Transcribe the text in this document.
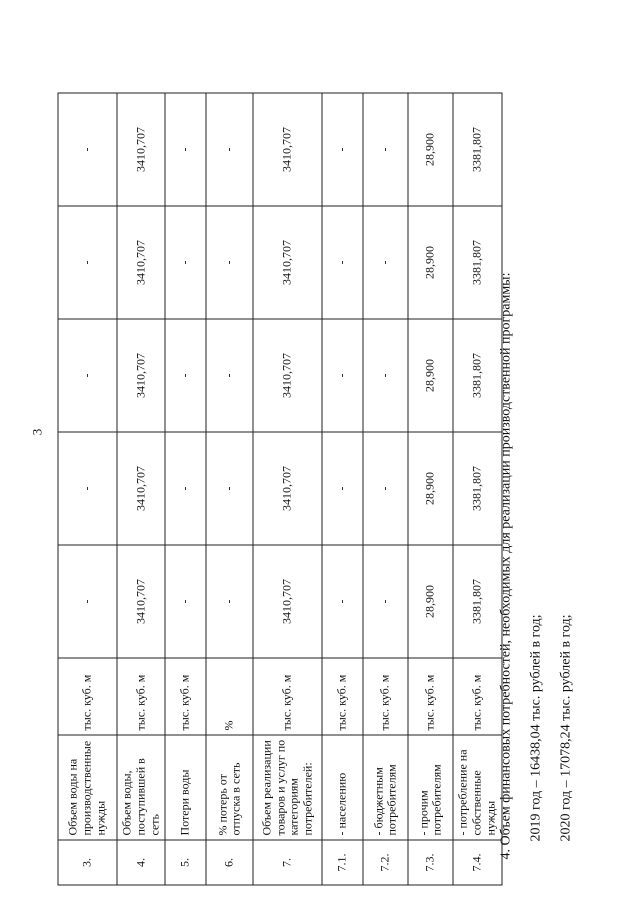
3
3.	Объем воды на производственные нужды	тыс. куб. м	-	-	-	-	-
4.	Объем воды, поступившей в сеть	тыс. куб. м	3410,707	3410,707	3410,707	3410,707	3410,707
5.	Потери воды	тыс. куб. м	-	-	-	-	-
6.	% потерь от отпуска в сеть	%	-	-	-	-	-
7.	Объем реализации товаров и услуг по категориям потребителей:	тыс. куб. м	3410,707	3410,707	3410,707	3410,707	3410,707
7.1.	- населению	тыс. куб. м	-	-	-	-	-
7.2.	- бюджетным потребителям	тыс. куб. м	-	-	-	-	-
7.3.	- прочим потребителям	тыс. куб. м	28,900	28,900	28,900	28,900	28,900
7.4.	- потребление на собственные нужды	тыс. куб. м	3381,807	3381,807	3381,807	3381,807	3381,807

4. Объем финансовых потребностей, необходимых для реализации производственной программы:	2019 год – 16438,04 тыс. рублей в год;	2020 год – 17078,24 тыс. рублей в год;
